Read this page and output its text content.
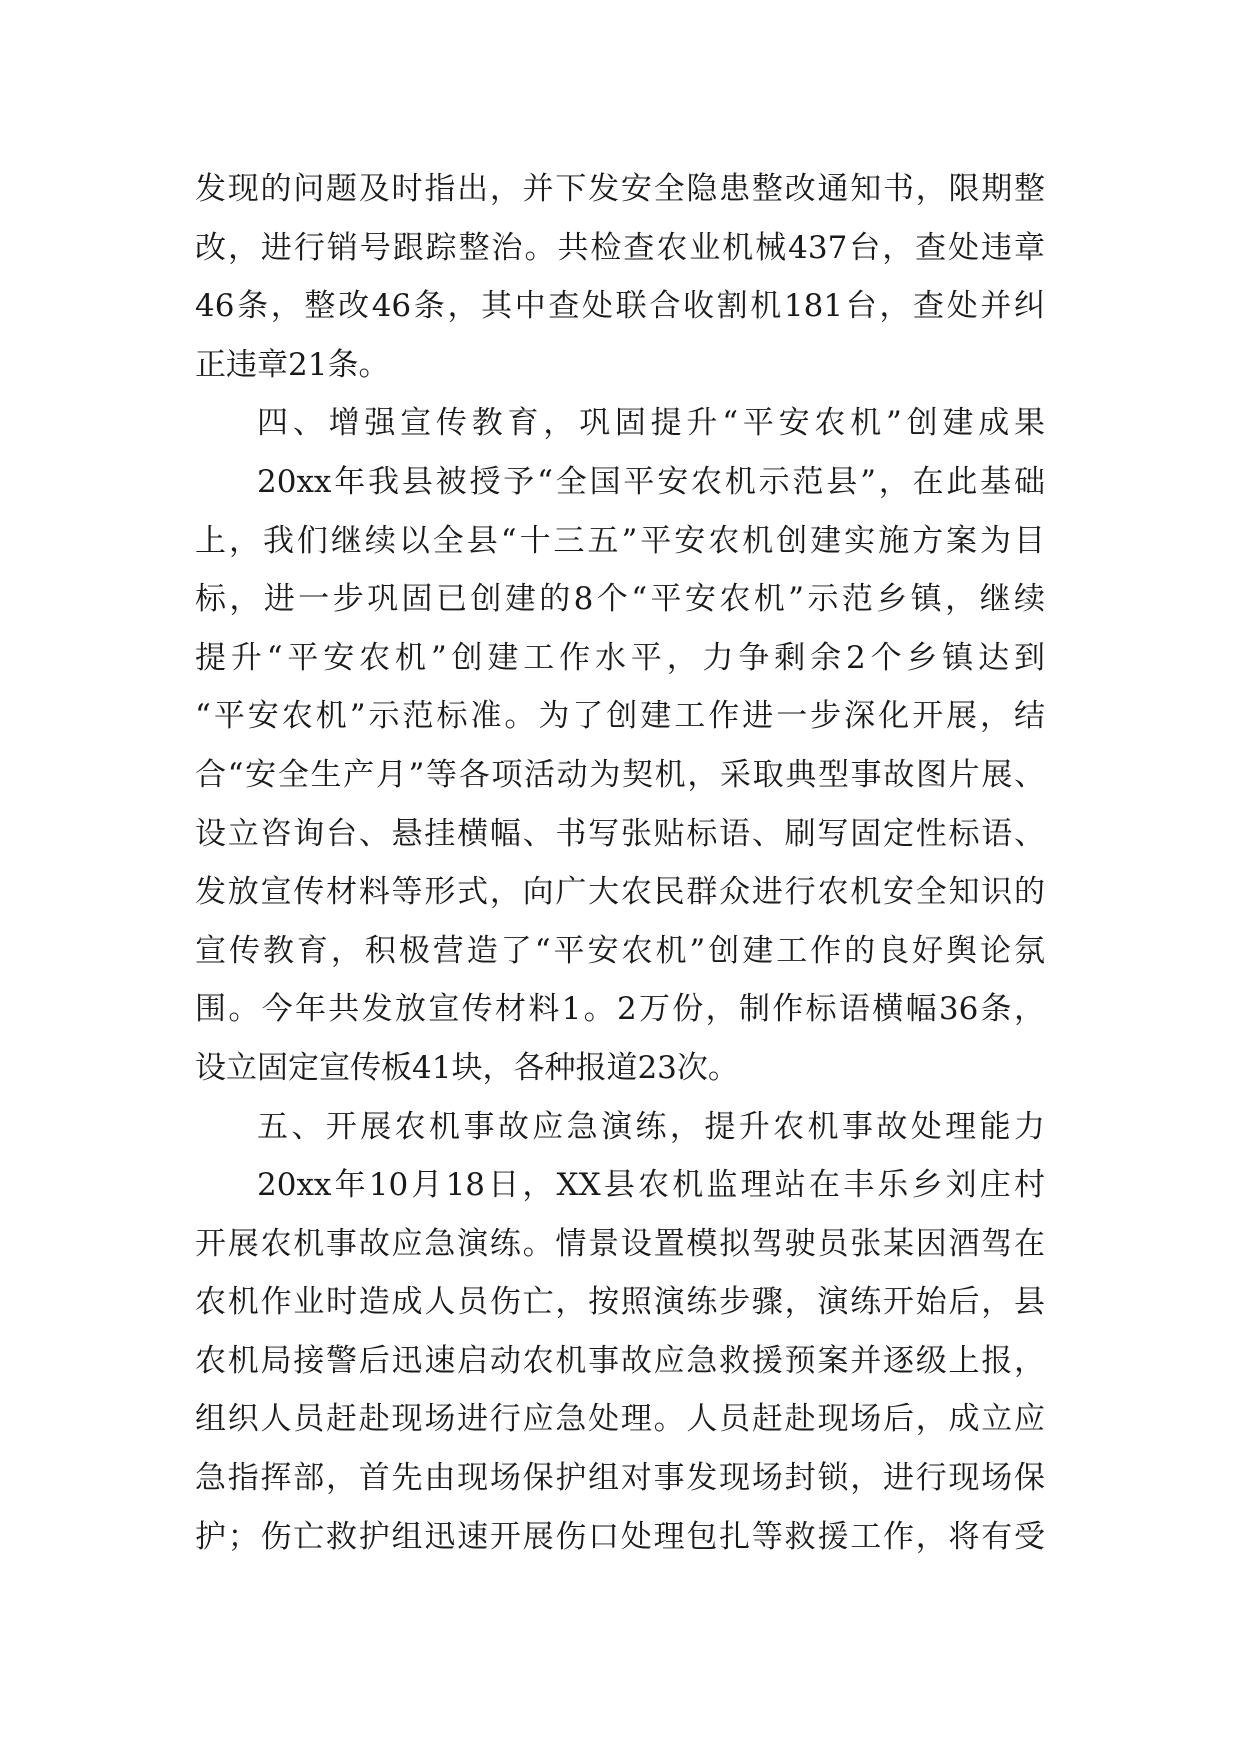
发现的问题及时指出，并下发安全隐患整改通知书，限期整
改，进行销号跟踪整治。共检查农业机械437台，查处违章
46条，整改46条，其中查处联合收割机181台，查处并纠
正违章21条。
四、增强宣传教育，巩固提升“平安农机”创建成果
20xx年我县被授予“全国平安农机示范县”，在此基础
上，我们继续以全县“十三五”平安农机创建实施方案为目
标，进一步巩固已创建的8个“平安农机”示范乡镇，继续
提升“平安农机”创建工作水平，力争剩余2个乡镇达到
“平安农机”示范标准。为了创建工作进一步深化开展，结
合“安全生产月”等各项活动为契机，采取典型事故图片展、
设立咨询台、悬挂横幅、书写张贴标语、刷写固定性标语、
发放宣传材料等形式，向广大农民群众进行农机安全知识的
宣传教育，积极营造了“平安农机”创建工作的良好舆论氛
围。今年共发放宣传材料1。2万份，制作标语横幅36条，
设立固定宣传板41块，各种报道23次。
五、开展农机事故应急演练，提升农机事故处理能力
20xx年10月18日，XX县农机监理站在丰乐乡刘庄村
开展农机事故应急演练。情景设置模拟驾驶员张某因酒驾在
农机作业时造成人员伤亡，按照演练步骤，演练开始后，县
农机局接警后迅速启动农机事故应急救援预案并逐级上报，
组织人员赶赴现场进行应急处理。人员赶赴现场后，成立应
急指挥部，首先由现场保护组对事发现场封锁，进行现场保
护；伤亡救护组迅速开展伤口处理包扎等救援工作，将有受
